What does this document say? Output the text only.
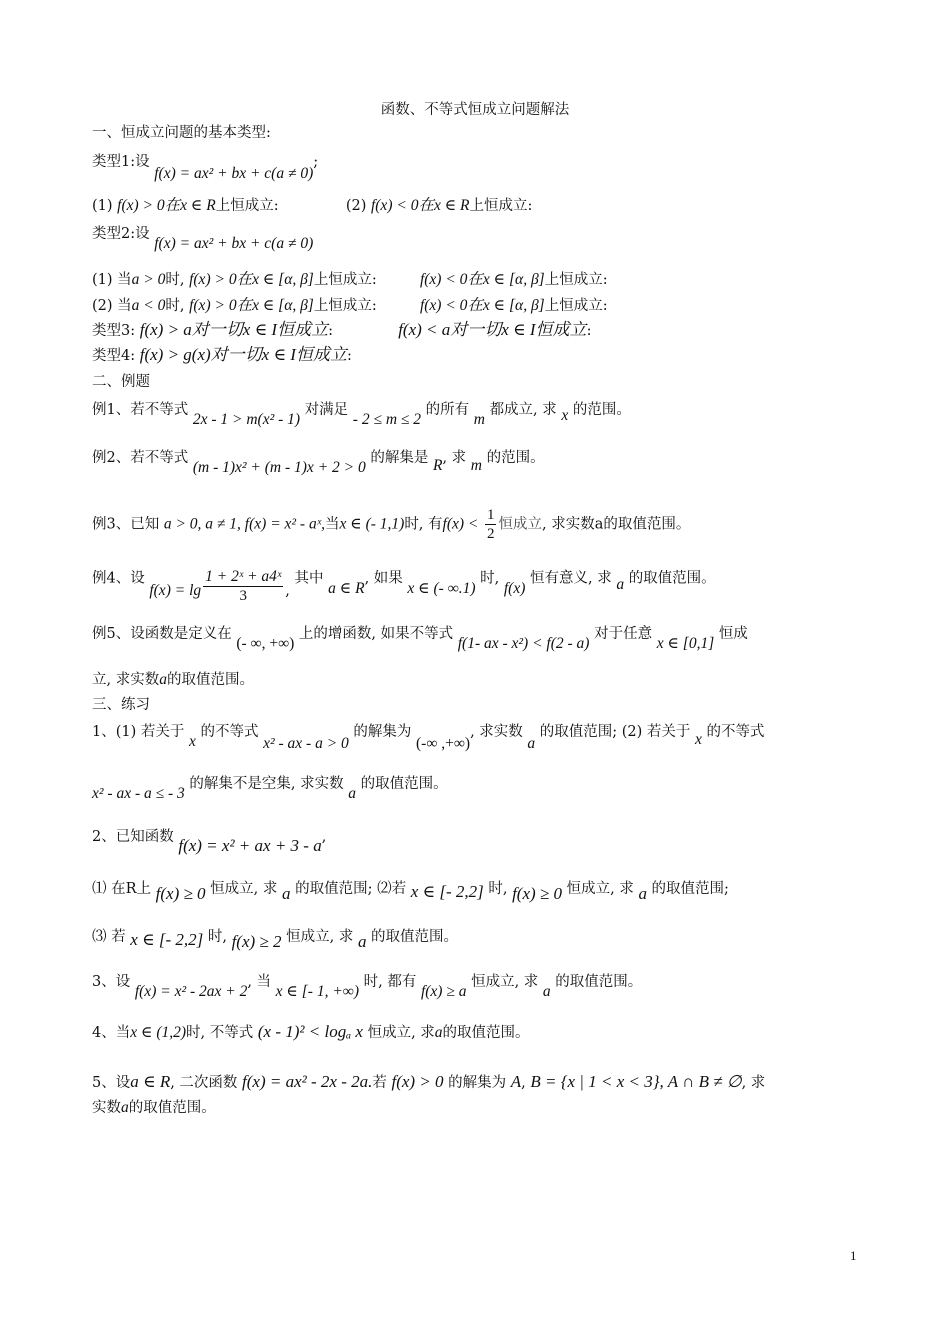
函数、不等式恒成立问题解法
一、恒成立问题的基本类型:
类型1:设 f(x) = ax² + bx + c(a ≠ 0);
(1) f(x) > 0在x ∈ R上恒成立:	(2) f(x) < 0在x ∈ R上恒成立:
类型2:设 f(x) = ax² + bx + c(a ≠ 0)
(1) 当a > 0时, f(x) > 0在x ∈ [α, β]上恒成立:	f(x) < 0在x ∈ [α, β]上恒成立:
(2) 当a < 0时, f(x) > 0在x ∈ [α, β]上恒成立:	f(x) < 0在x ∈ [α, β]上恒成立:
类型3: f(x) > a对一切x ∈ I恒成立:	f(x) < a对一切x ∈ I恒成立:
类型4: f(x) > g(x)对一切x ∈ I恒成立:
二、例题
例1、若不等式 2x - 1 > m(x² - 1) 对满足 - 2 ≤ m ≤ 2 的所有 m 都成立, 求 x 的范围。
例2、若不等式 (m - 1)x² + (m - 1)x + 2 > 0 的解集是 R, 求 m 的范围。
例3、已知 a > 0, a ≠ 1, f(x) = x² - aˣ,当x ∈ (- 1,1)时, 有$f(x) < \frac{1}{2}$ 恒成立, 求实数a的取值范围。
例4、设 $f(x) = \lg \frac{\text{1 + 2ˣ + a4ˣ}}{3}$ , 其中 a ∈ R, 如果 x ∈ (- ∞.1) 时, f(x) 恒有意义, 求 a 的取值范围。
例5、设函数是定义在 (- ∞, +∞) 上的增函数, 如果不等式 f(1- ax - x²) < f(2 - a) 对于任意 x ∈ [0,1] 恒成
立, 求实数a的取值范围。
三、练习
1、(1) 若关于 x 的不等式 x² - ax - a > 0 的解集为 (-∞ ,+∞), 求实数 a 的取值范围; (2) 若关于 x 的不等式
x² - ax - a ≤ - 3 的解集不是空集, 求实数 a 的取值范围。
2、已知函数 f(x) = x² + ax + 3 - a,
⑴ 在R上 f(x) ≥ 0 恒成立, 求 a 的取值范围; ⑵若 x ∈ [- 2,2] 时, f(x) ≥ 0 恒成立, 求 a 的取值范围;
⑶ 若 x ∈ [- 2,2] 时, f(x) ≥ 2 恒成立, 求 a 的取值范围。
3、设 f(x) = x² - 2ax + 2, 当 x ∈ [- 1, +∞) 时, 都有 f(x) ≥ a 恒成立, 求 a 的取值范围。
4、当x ∈ (1,2)时, 不等式 (x - 1)² < logₐ x 恒成立, 求a的取值范围。
5、设a ∈ R, 二次函数 f(x) = ax² - 2x - 2a.若 f(x) > 0 的解集为 A, B = {x | 1 < x < 3}, A ∩ B ≠ ∅, 求
实数a的取值范围。
1
